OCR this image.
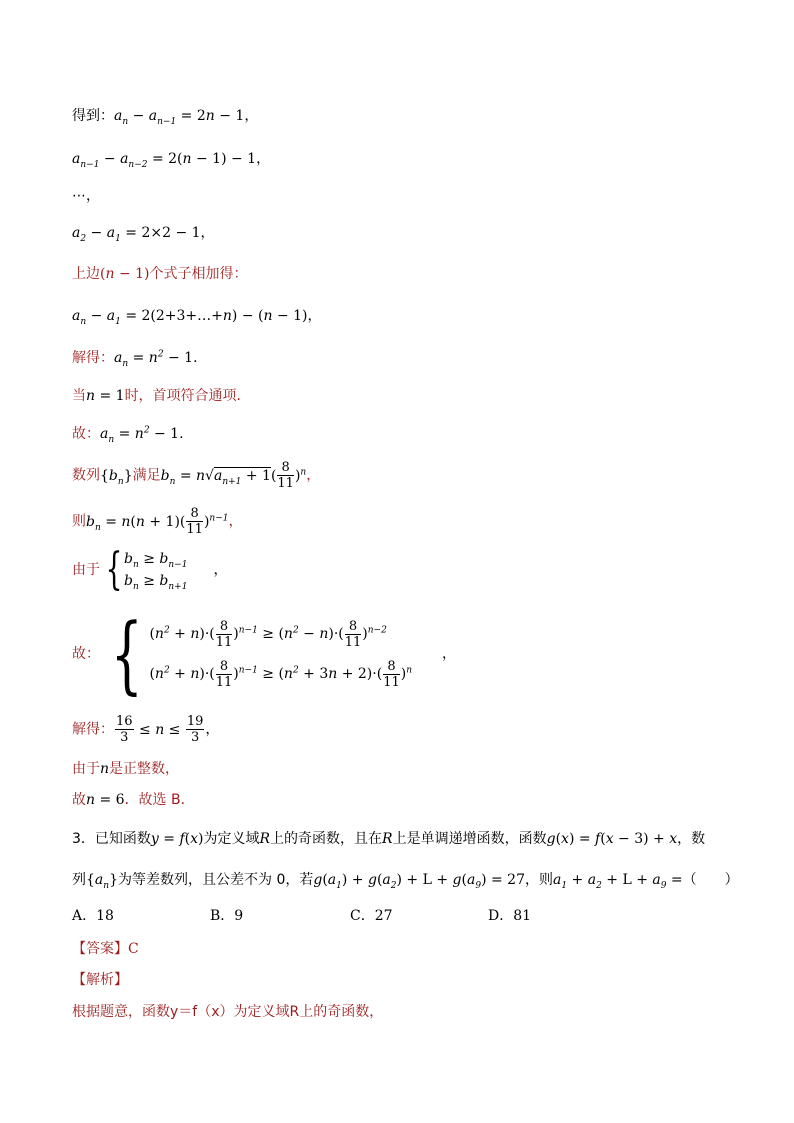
得到：$a_n - a_{n-1} = 2n - 1$，
$a_{n-1} - a_{n-2} = 2(n - 1) - 1$，
⋯，
$a_2 - a_1 = 2\times 2 - 1$，
上边(n − 1)个式子相加得：
$a_n - a_1$ = 2(2+3+…+n) − (n − 1)，
解得：$a_n = n^2 - 1$.
当n = 1时，首项符合通项．
故：$a_n = n^2 - 1$.
数列$\{b_n\}$满足$b_n = n√a_{n+1} + 1( \frac{8}{11} )^n$，
则$b_n = n(n + 1)( \frac{8}{11} )^{n-1}$，
由于 { $b_n \ge b_{n-1}$
$b_n \ge b_{n+1}$
，
故： { $(n^2 + n)\cdot( \frac{8}{11} )^{n-1} \ge (n^2 - n)\cdot( \frac{8}{11} )^{n-2}$
$(n^2 + n)\cdot( \frac{8}{11} )^{n-1} \ge (n^2 + 3n + 2)\cdot( \frac{8}{11} )^n$
，
解得： $\frac{16}{3} \le n \le \frac{19}{3}$ ，
由于n是正整数，
故n = 6．故选 B．
3．已知函数y = f(x)为定义域R上的奇函数，且在R上是单调递增函数，函数g(x) = f(x − 3) + x，数
列$\{a_n\}$为等差数列，且公差不为 0，若$g(a_1) + g(a_2) + L + g(a_9) = 27$，则$a_1 + a_2 + L + a_9$ =（　　）
A．18	B．9	C．27	D．81
【答案】C
【解析】
根据题意，函数y＝f（x）为定义域R上的奇函数，
